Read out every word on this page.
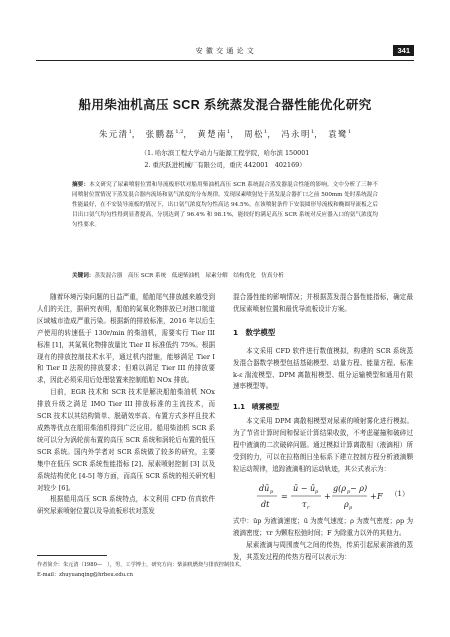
安 徽 交 通 论 文	341
船用柴油机高压 SCR 系统蒸发混合器性能优化研究
朱元清$^1$， 张鹏磊$^{1,2}$， 黄楚南$^1$， 周松$^1$， 冯永明$^1$， 袁鹭$^1$
（1. 哈尔滨工程大学动力与能源工程学院，哈尔滨 150001
2. 重庆跃进机械厂有限公司，重庆 442001　402169）
摘要：本文研究了尿素喷射位置和导流板形状对船用柴油机高压 SCR 系统混合蒸发器混合性能的影响。文中分析了三种不同喷射位置情况下蒸发混合器内流场和氨气浓度的分布规律，发现尿素喷射处于蒸发混合器扩口之前 500mm 处时系统混合性能最好，在不安装导流板的情况下，出口氨气浓度均匀性高达 94.5%。在该喷射条件下安装圆形导流板和椭圆导流板之后目出口氨气均匀性得到显著提高，分别达到了 96.4% 和 98.1%，能较好的满足高压 SCR 系统对反应器入口的氨气浓度均匀性要求。
关键词：蒸发混合器　高压 SCR 系统　低速柴油机　尿素分解　结构优化　仿真分析

随着环境污染问题的日益严重，船舶尾气排放越来越受到人们的关注，据研究表明，船舶的氮氧化物排放已对港口航道区域城市造成严重污染。根据新的排放标准，2016 年以后生产使用的转速低于 130r/min 的柴油机，需要实行 Tier III 标准 [1]，其氮氧化物排放量比 Tier II 标准低约 75%。根据现有的排放控制技术水平，通过机内措施，能够满足 Tier I 和 Tier II 法规的排放要求；但难以满足 Tier III 的排放要求，因此必须采用后处理装置来控制船舶 NOx 排放。

目前，EGR 技术和 SCR 技术是解决船舶柴油机 NOx 排放升级之满足 IMO Tier III 排放标准的主流技术，而 SCR 技术以其结构简单、脱硝效率高、布置方式多样且技术成熟等优点在船用柴油机得到广泛应用。船用柴油机 SCR 系统可以分为涡轮前布置的高压 SCR 系统和涡轮后布置的低压 SCR 系统。国内外学者对 SCR 系统做了较多的研究，主要集中在低压 SCR 系统性能指标 [2]、尿素喷射控制 [3] 以及系统结构优化 [4-5] 等方面，而高压 SCR 系统的相关研究相对较少 [6]。

根据船用高压 SCR 系统特点，本文利用 CFD 仿真软件研究尿素喷射位置以及导流板形状对蒸发

混合器性能的影响情况；并根据蒸发混合器性能指标，确定最优尿素喷射位置和最优导流板设计方案。

1　数学模型

本文采用 CFD 软件进行数值模拟，构建的 SCR 系统蒸发混合器数学模型包括基础模型、动量方程、能量方程、标准 k-ε 湍流模型、DPM 离散相模型、组分运输模型和通用有限速率模型等。

1.1　喷雾模型

本文采用 DPM 离散相模型对尿素的喷射雾化进行模拟。为了节省计算时间和保证计算结果收敛，不考虑碰撞和破碎过程中液滴的二次破碎问题。通过模拟计算离散相（液滴相）所受到的力，可以在拉格朗日坐标系下建立控制方程分析液滴颗粒运动规律，追踪液滴相的运动轨迹，其公式表示为：

dū p
dt
=
ū − ū p
τ r
+
g(ρ p − ρ)
ρ p
+ F （1）

式中：ūp 为液滴速度；ū 为废气速度；ρ 为废气密度；ρp 为液滴密度；τr 为颗粒松弛时间；F 为除重力以外的其他力。

尿素液滴与周围废气之间的传热，传质引起尿素溶液的蒸发，其蒸发过程的传热方程可以表示为：

作者简介：朱元清（1980—　），男，工学博士，研究方向：柴油机燃烧与排放控制技术。
E-mail：zhuyuanqing@hrbeu.edu.cn
